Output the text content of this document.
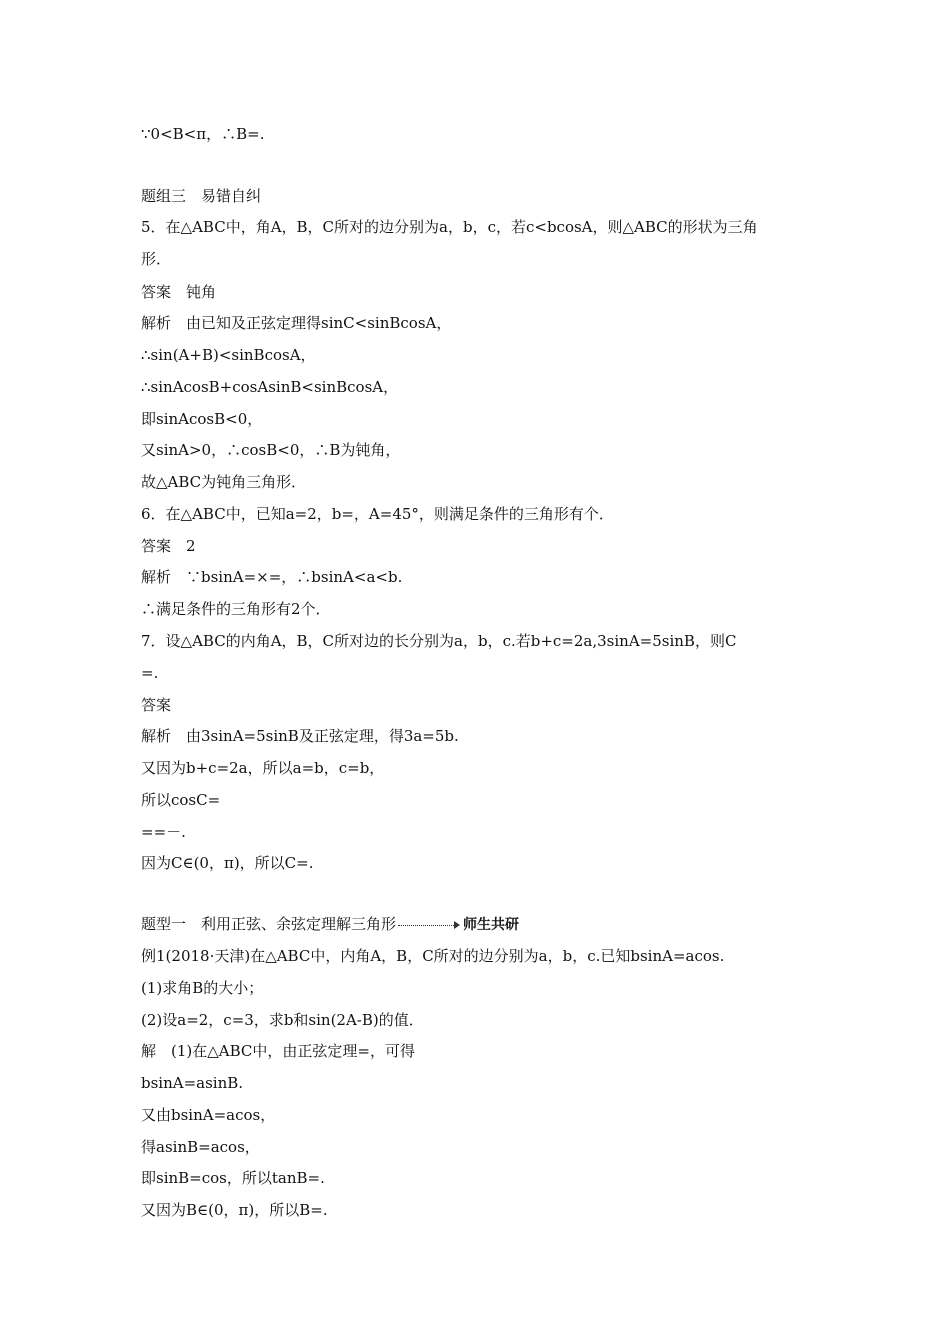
∵0<B<π，∴B=.
题组三　易错自纠
5．在△ABC中，角A，B，C所对的边分别为a，b，c，若c<bcosA，则△ABC的形状为三角
形．
答案　钝角
解析　由已知及正弦定理得sinC<sinBcosA，
∴sin(A+B)<sinBcosA，
∴sinAcosB+cosAsinB<sinBcosA，
即sinAcosB<0，
又sinA>0，∴cosB<0，∴B为钝角，
故△ABC为钝角三角形．
6．在△ABC中，已知a=2，b=，A=45°，则满足条件的三角形有个．
答案　2
解析　∵bsinA=×=，∴bsinA<a<b.
∴满足条件的三角形有2个．
7．设△ABC的内角A，B，C所对边的长分别为a，b，c.若b+c=2a,3sinA=5sinB，则C
=.
答案
解析　由3sinA=5sinB及正弦定理，得3a=5b.
又因为b+c=2a，所以a=b，c=b，
所以cosC=
==－.
因为C∈(0，π)，所以C=.
题型一　利用正弦、余弦定理解三角形	师生共研
例1(2018·天津)在△ABC中，内角A，B，C所对的边分别为a，b，c.已知bsinA=acos.
(1)求角B的大小；
(2)设a=2，c=3，求b和sin(2A-B)的值．
解　(1)在△ABC中，由正弦定理=，可得
bsinA=asinB.
又由bsinA=acos，
得asinB=acos，
即sinB=cos，所以tanB=.
又因为B∈(0，π)，所以B=.
